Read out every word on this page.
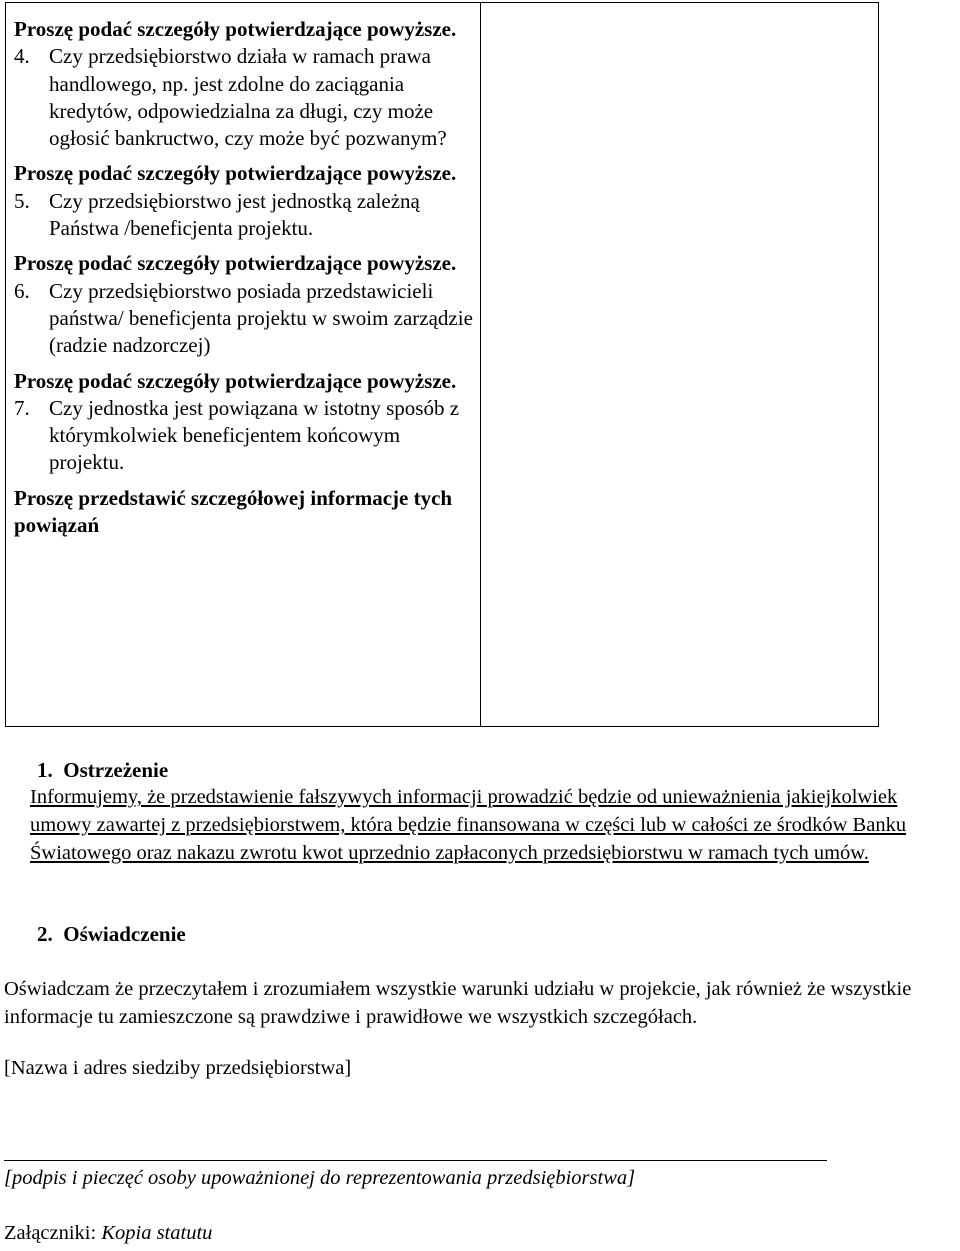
Proszę podać szczegóły potwierdzające powyższe.
4. Czy przedsiębiorstwo działa w ramach prawa handlowego, np. jest zdolne do zaciągania kredytów, odpowiedzialna za długi, czy może ogłosić bankructwo, czy może być pozwanym?
Proszę podać szczegóły potwierdzające powyższe.
5. Czy przedsiębiorstwo jest jednostką zależną Państwa /beneficjenta projektu.
Proszę podać szczegóły potwierdzające powyższe.
6. Czy przedsiębiorstwo posiada przedstawicieli państwa/ beneficjenta projektu w swoim zarządzie (radzie nadzorczej)
Proszę podać szczegóły potwierdzające powyższe.
7. Czy jednostka jest powiązana w istotny sposób z którymkolwiek beneficjentem końcowym projektu.
Proszę przedstawić szczegółowej informacje tych powiązań
1. Ostrzeżenie
Informujemy, że przedstawienie fałszywych informacji prowadzić będzie od unieważnienia jakiejkolwiek umowy zawartej z przedsiębiorstwem, która będzie finansowana w części lub w całości ze środków Banku Światowego oraz nakazu zwrotu kwot uprzednio zapłaconych przedsiębiorstwu w ramach tych umów.
2. Oświadczenie
Oświadczam że przeczytałem i zrozumiałem wszystkie warunki udziału w projekcie, jak również że wszystkie informacje tu zamieszczone są prawdziwe i prawidłowe we wszystkich szczegółach.
[Nazwa i adres siedziby przedsiębiorstwa]
[podpis i pieczęć osoby upoważnionej do reprezentowania przedsiębiorstwa]
Załączniki: Kopia statutu
